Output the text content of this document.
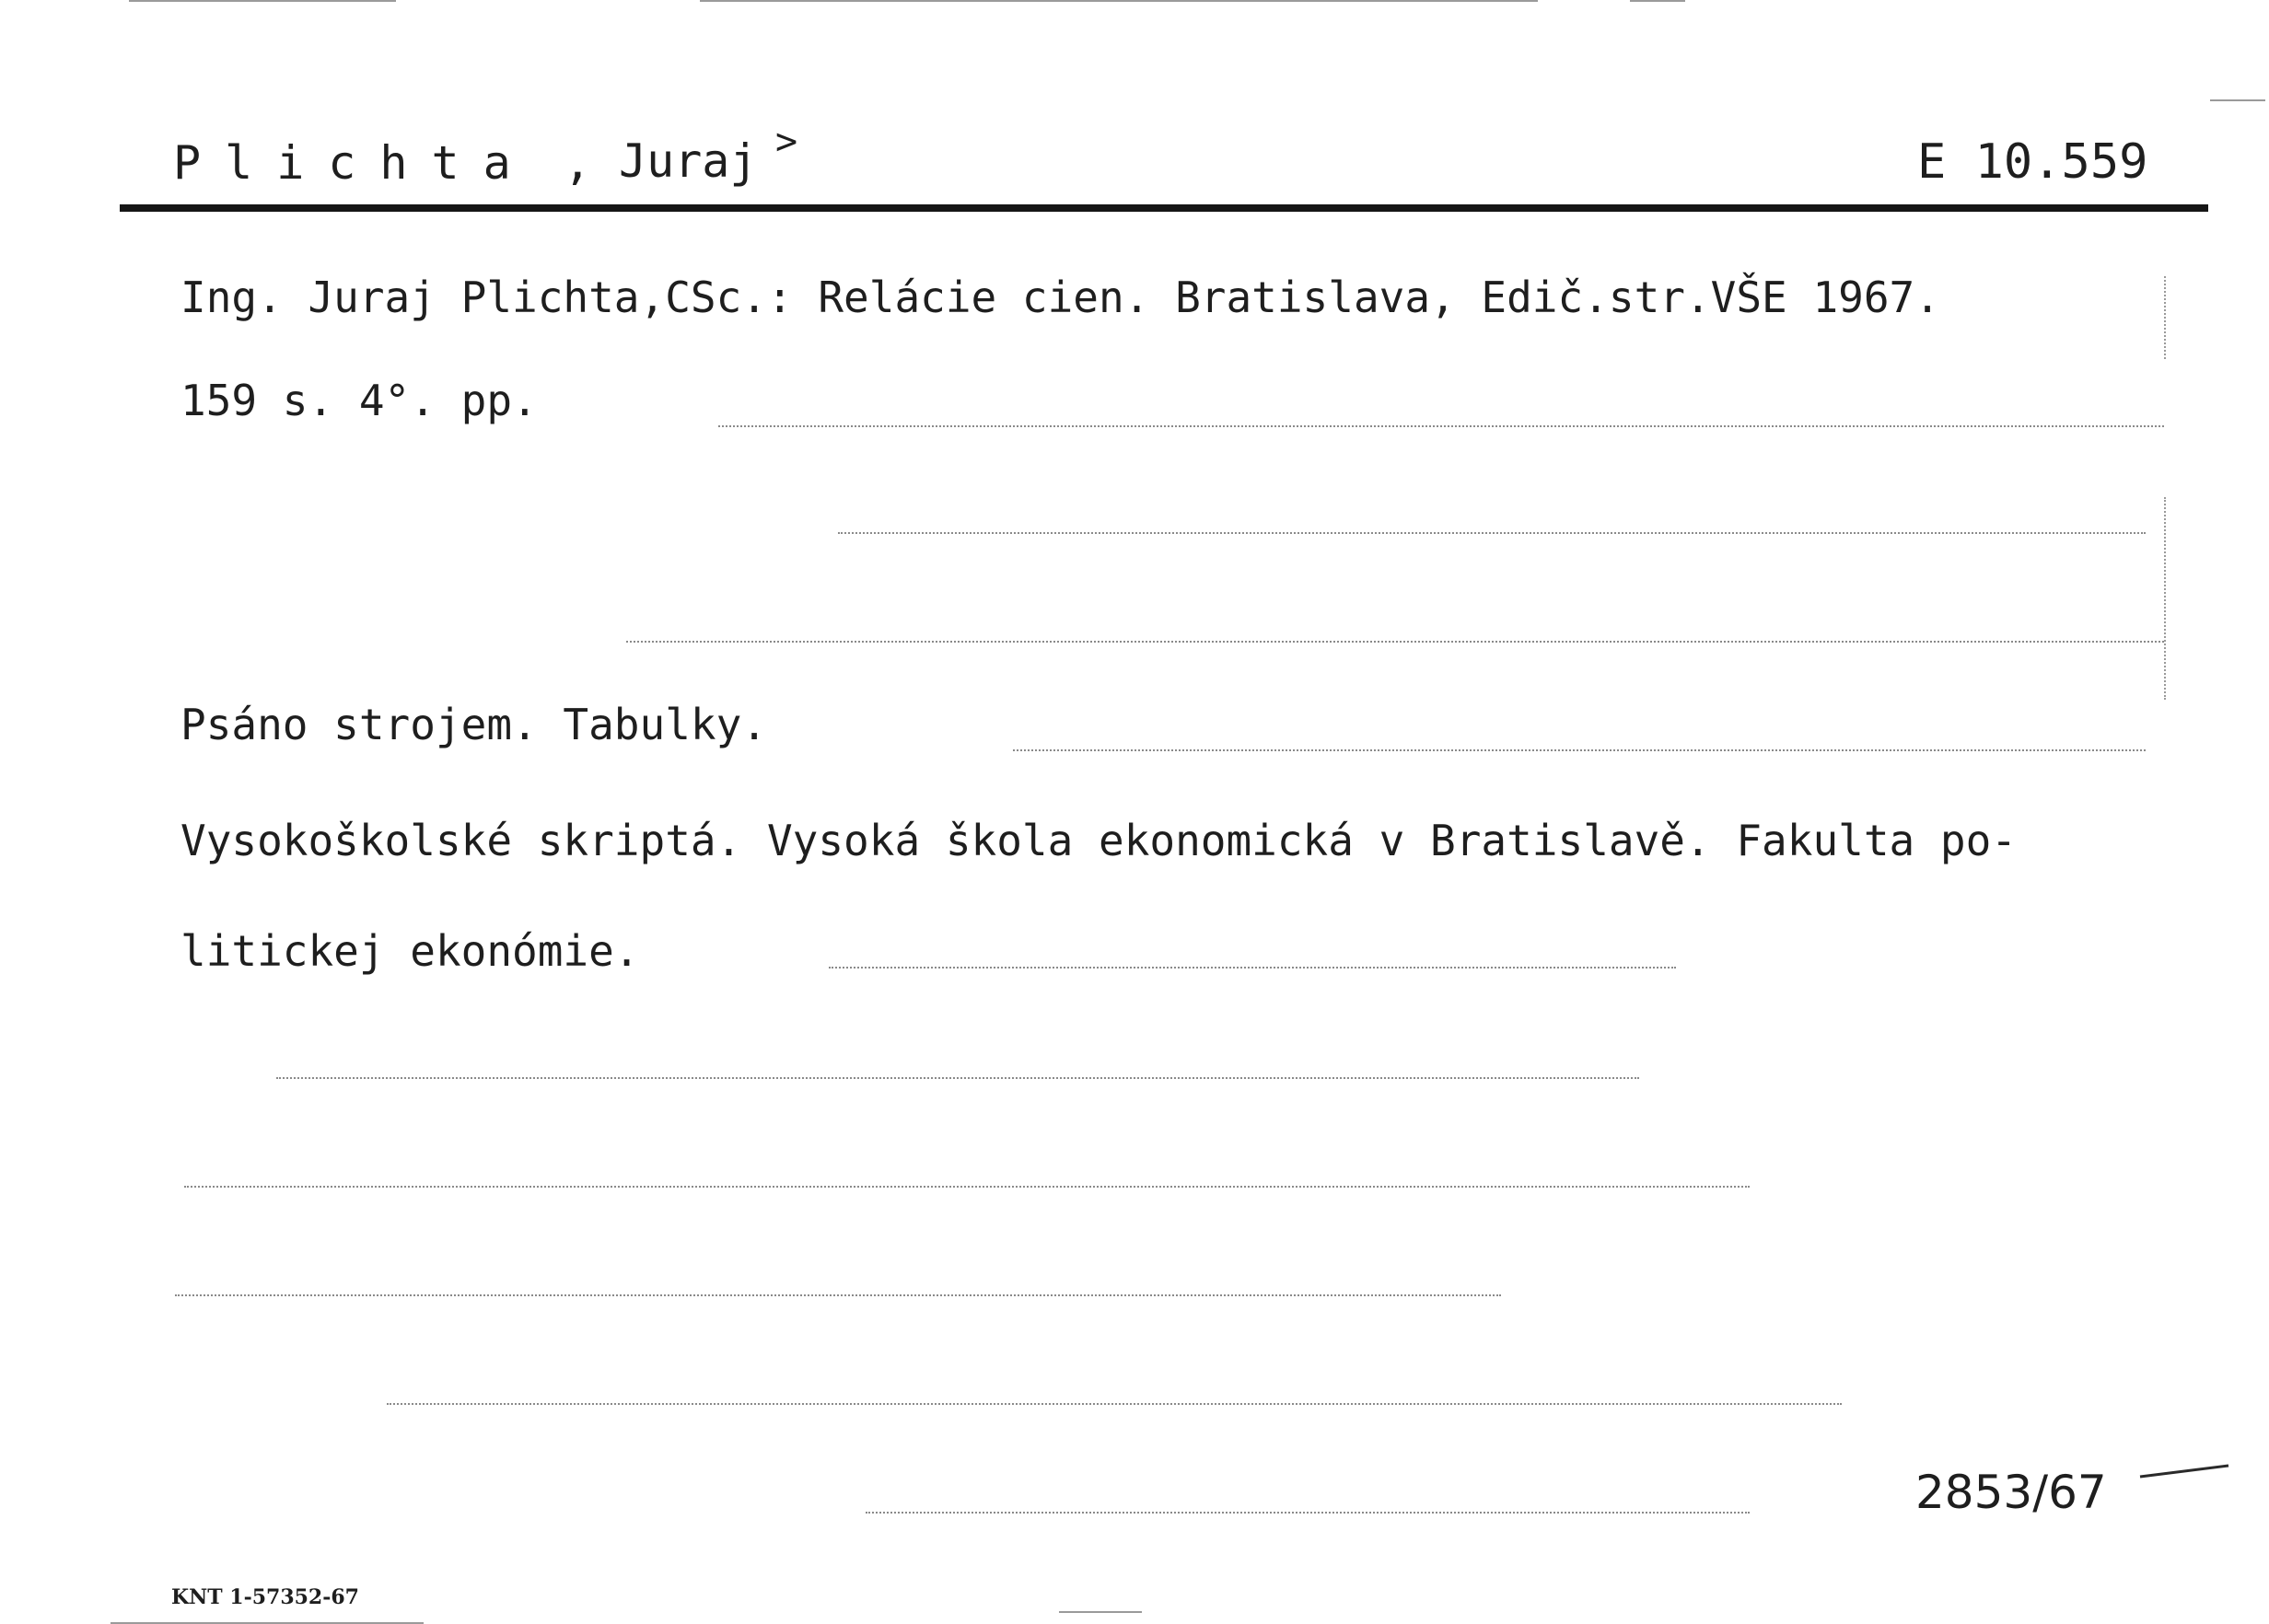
Plichta , Juraj >	E 10.559
Ing. Juraj Plichta,CSc.: Relácie cien. Bratislava, Edič.str.VŠE 1967.
159 s. 4°. pp.
Psáno strojem. Tabulky.
Vysokoškolské skriptá. Vysoká škola ekonomická v Bratislavě. Fakulta po-
litickej ekonómie.
2853/67
KNT 1-57352-67
